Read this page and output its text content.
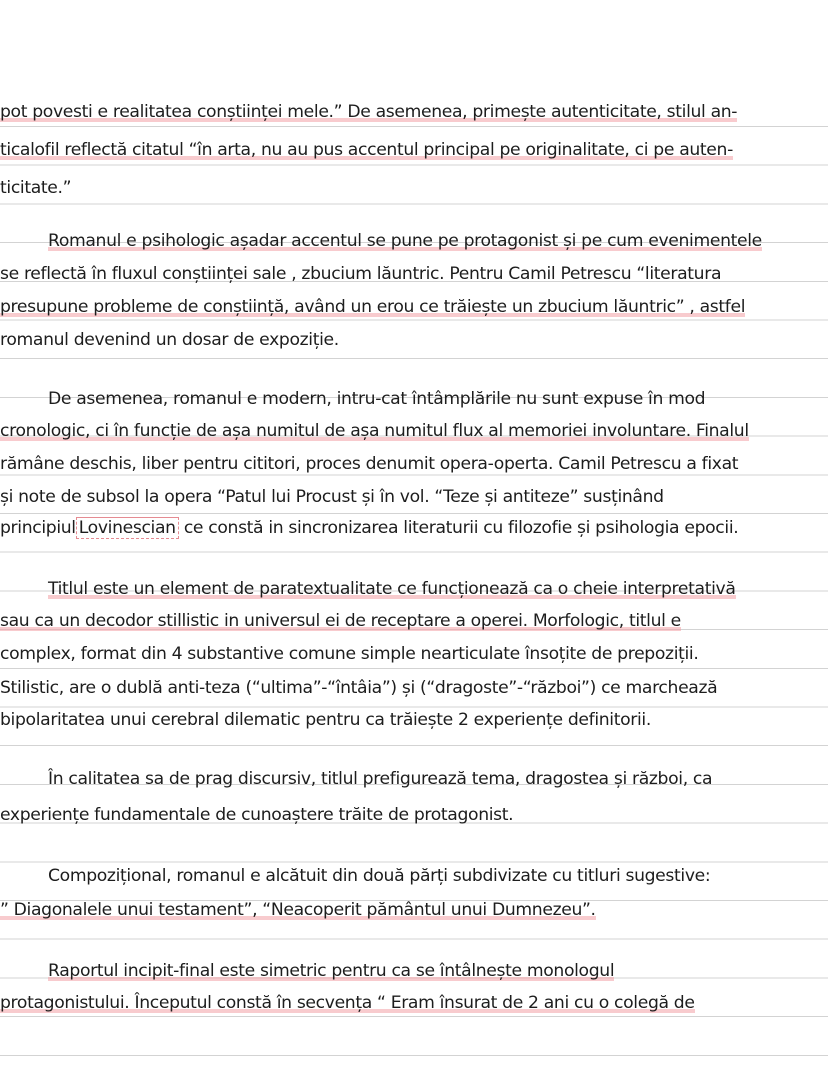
pot povesti e realitatea conștiinței mele.” De asemenea, primește autenticitate, stilul an-
ticalofil reflectă citatul “în arta, nu au pus accentul principal pe originalitate, ci pe auten-
ticitate.”
Romanul e psihologic așadar accentul se pune pe protagonist și pe cum evenimentele
se reflectă în fluxul conștiinței sale , zbucium lăuntric. Pentru Camil Petrescu “literatura
presupune probleme de conștiință, având un erou ce trăiește un zbucium lăuntric” , astfel
romanul devenind un dosar de expoziție.
De asemenea, romanul e modern, intru-cat întâmplările nu sunt expuse în mod
cronologic, ci în funcție de așa numitul de așa numitul flux al memoriei involuntare. Finalul
rămâne deschis, liber pentru cititori, proces denumit opera-operta. Camil Petrescu a fixat
și note de subsol la opera “Patul lui Procust și în vol. “Teze și antiteze” susținând
principiul Lovinescian ce constă in sincronizarea literaturii cu filozofie și psihologia epocii.
Titlul este un element de paratextualitate ce funcționează ca o cheie interpretativă
sau ca un decodor stillistic in universul ei de receptare a operei. Morfologic, titlul e
complex, format din 4 substantive comune simple nearticulate însoțite de prepoziții.
Stilistic, are o dublă anti-teza (“ultima”-“întâia”) și (“dragoste”-“război”) ce marchează
bipolaritatea unui cerebral dilematic pentru ca trăiește 2 experiențe definitorii.
În calitatea sa de prag discursiv, titlul prefigurează tema, dragostea și război, ca
experiențe fundamentale de cunoaștere trăite de protagonist.
Compozițional, romanul e alcătuit din două părți subdivizate cu titluri sugestive:
” Diagonalele unui testament”, “Neacoperit pământul unui Dumnezeu”.
Raportul incipit-final este simetric pentru ca se întâlnește monologul
protagonistului. Începutul constă în secvența “ Eram însurat de 2 ani cu o colegă de
